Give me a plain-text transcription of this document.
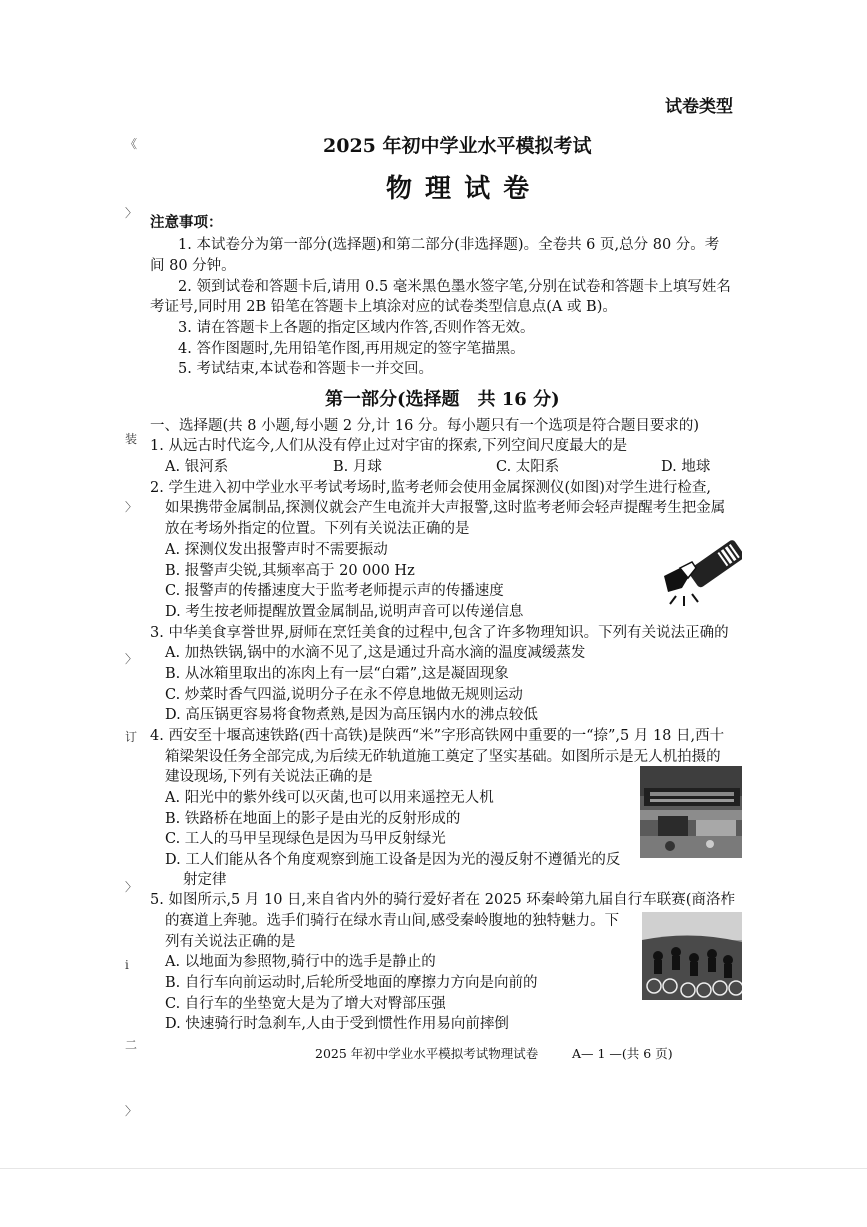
《
〉
装
〉
〉
订
〉
i
二
〉
试卷类型
2025 年初中学业水平模拟考试
物 理 试 卷
注意事项：
1. 本试卷分为第一部分(选择题)和第二部分(非选择题)。全卷共 6 页,总分 80 分。考
间 80 分钟。
2. 领到试卷和答题卡后,请用 0.5 毫米黑色墨水签字笔,分别在试卷和答题卡上填写姓名
考证号,同时用 2B 铅笔在答题卡上填涂对应的试卷类型信息点(A 或 B)。
3. 请在答题卡上各题的指定区域内作答,否则作答无效。
4. 答作图题时,先用铅笔作图,再用规定的签字笔描黑。
5. 考试结束,本试卷和答题卡一并交回。
第一部分(选择题　共 16 分)
一、选择题(共 8 小题,每小题 2 分,计 16 分。每小题只有一个选项是符合题目要求的)
1. 从远古时代迄今,人们从没有停止过对宇宙的探索,下列空间尺度最大的是
A. 银河系	B. 月球	C. 太阳系	D. 地球
2. 学生进入初中学业水平考试考场时,监考老师会使用金属探测仪(如图)对学生进行检查,
如果携带金属制品,探测仪就会产生电流并大声报警,这时监考老师会轻声提醒考生把金属
放在考场外指定的位置。下列有关说法正确的是
A. 探测仪发出报警声时不需要振动
B. 报警声尖锐,其频率高于 20 000 Hz
C. 报警声的传播速度大于监考老师提示声的传播速度
D. 考生按老师提醒放置金属制品,说明声音可以传递信息
3. 中华美食享誉世界,厨师在烹饪美食的过程中,包含了许多物理知识。下列有关说法正确的
A. 加热铁锅,锅中的水滴不见了,这是通过升高水滴的温度减缓蒸发
B. 从冰箱里取出的冻肉上有一层“白霜”,这是凝固现象
C. 炒菜时香气四溢,说明分子在永不停息地做无规则运动
D. 高压锅更容易将食物煮熟,是因为高压锅内水的沸点较低
4. 西安至十堰高速铁路(西十高铁)是陕西“米”字形高铁网中重要的一“捺”,5 月 18 日,西十
箱梁架设任务全部完成,为后续无砟轨道施工奠定了坚实基础。如图所示是无人机拍摄的
建设现场,下列有关说法正确的是
A. 阳光中的紫外线可以灭菌,也可以用来遥控无人机
B. 铁路桥在地面上的影子是由光的反射形成的
C. 工人的马甲呈现绿色是因为马甲反射绿光
D. 工人们能从各个角度观察到施工设备是因为光的漫反射不遵循光的反
射定律
5. 如图所示,5 月 10 日,来自省内外的骑行爱好者在 2025 环秦岭第九届自行车联赛(商洛柞
的赛道上奔驰。选手们骑行在绿水青山间,感受秦岭腹地的独特魅力。下
列有关说法正确的是
A. 以地面为参照物,骑行中的选手是静止的
B. 自行车向前运动时,后轮所受地面的摩擦力方向是向前的
C. 自行车的坐垫宽大是为了增大对臀部压强
D. 快速骑行时急刹车,人由于受到惯性作用易向前摔倒
2025 年初中学业水平模拟考试物理试卷	A— 1 —(共 6 页)
